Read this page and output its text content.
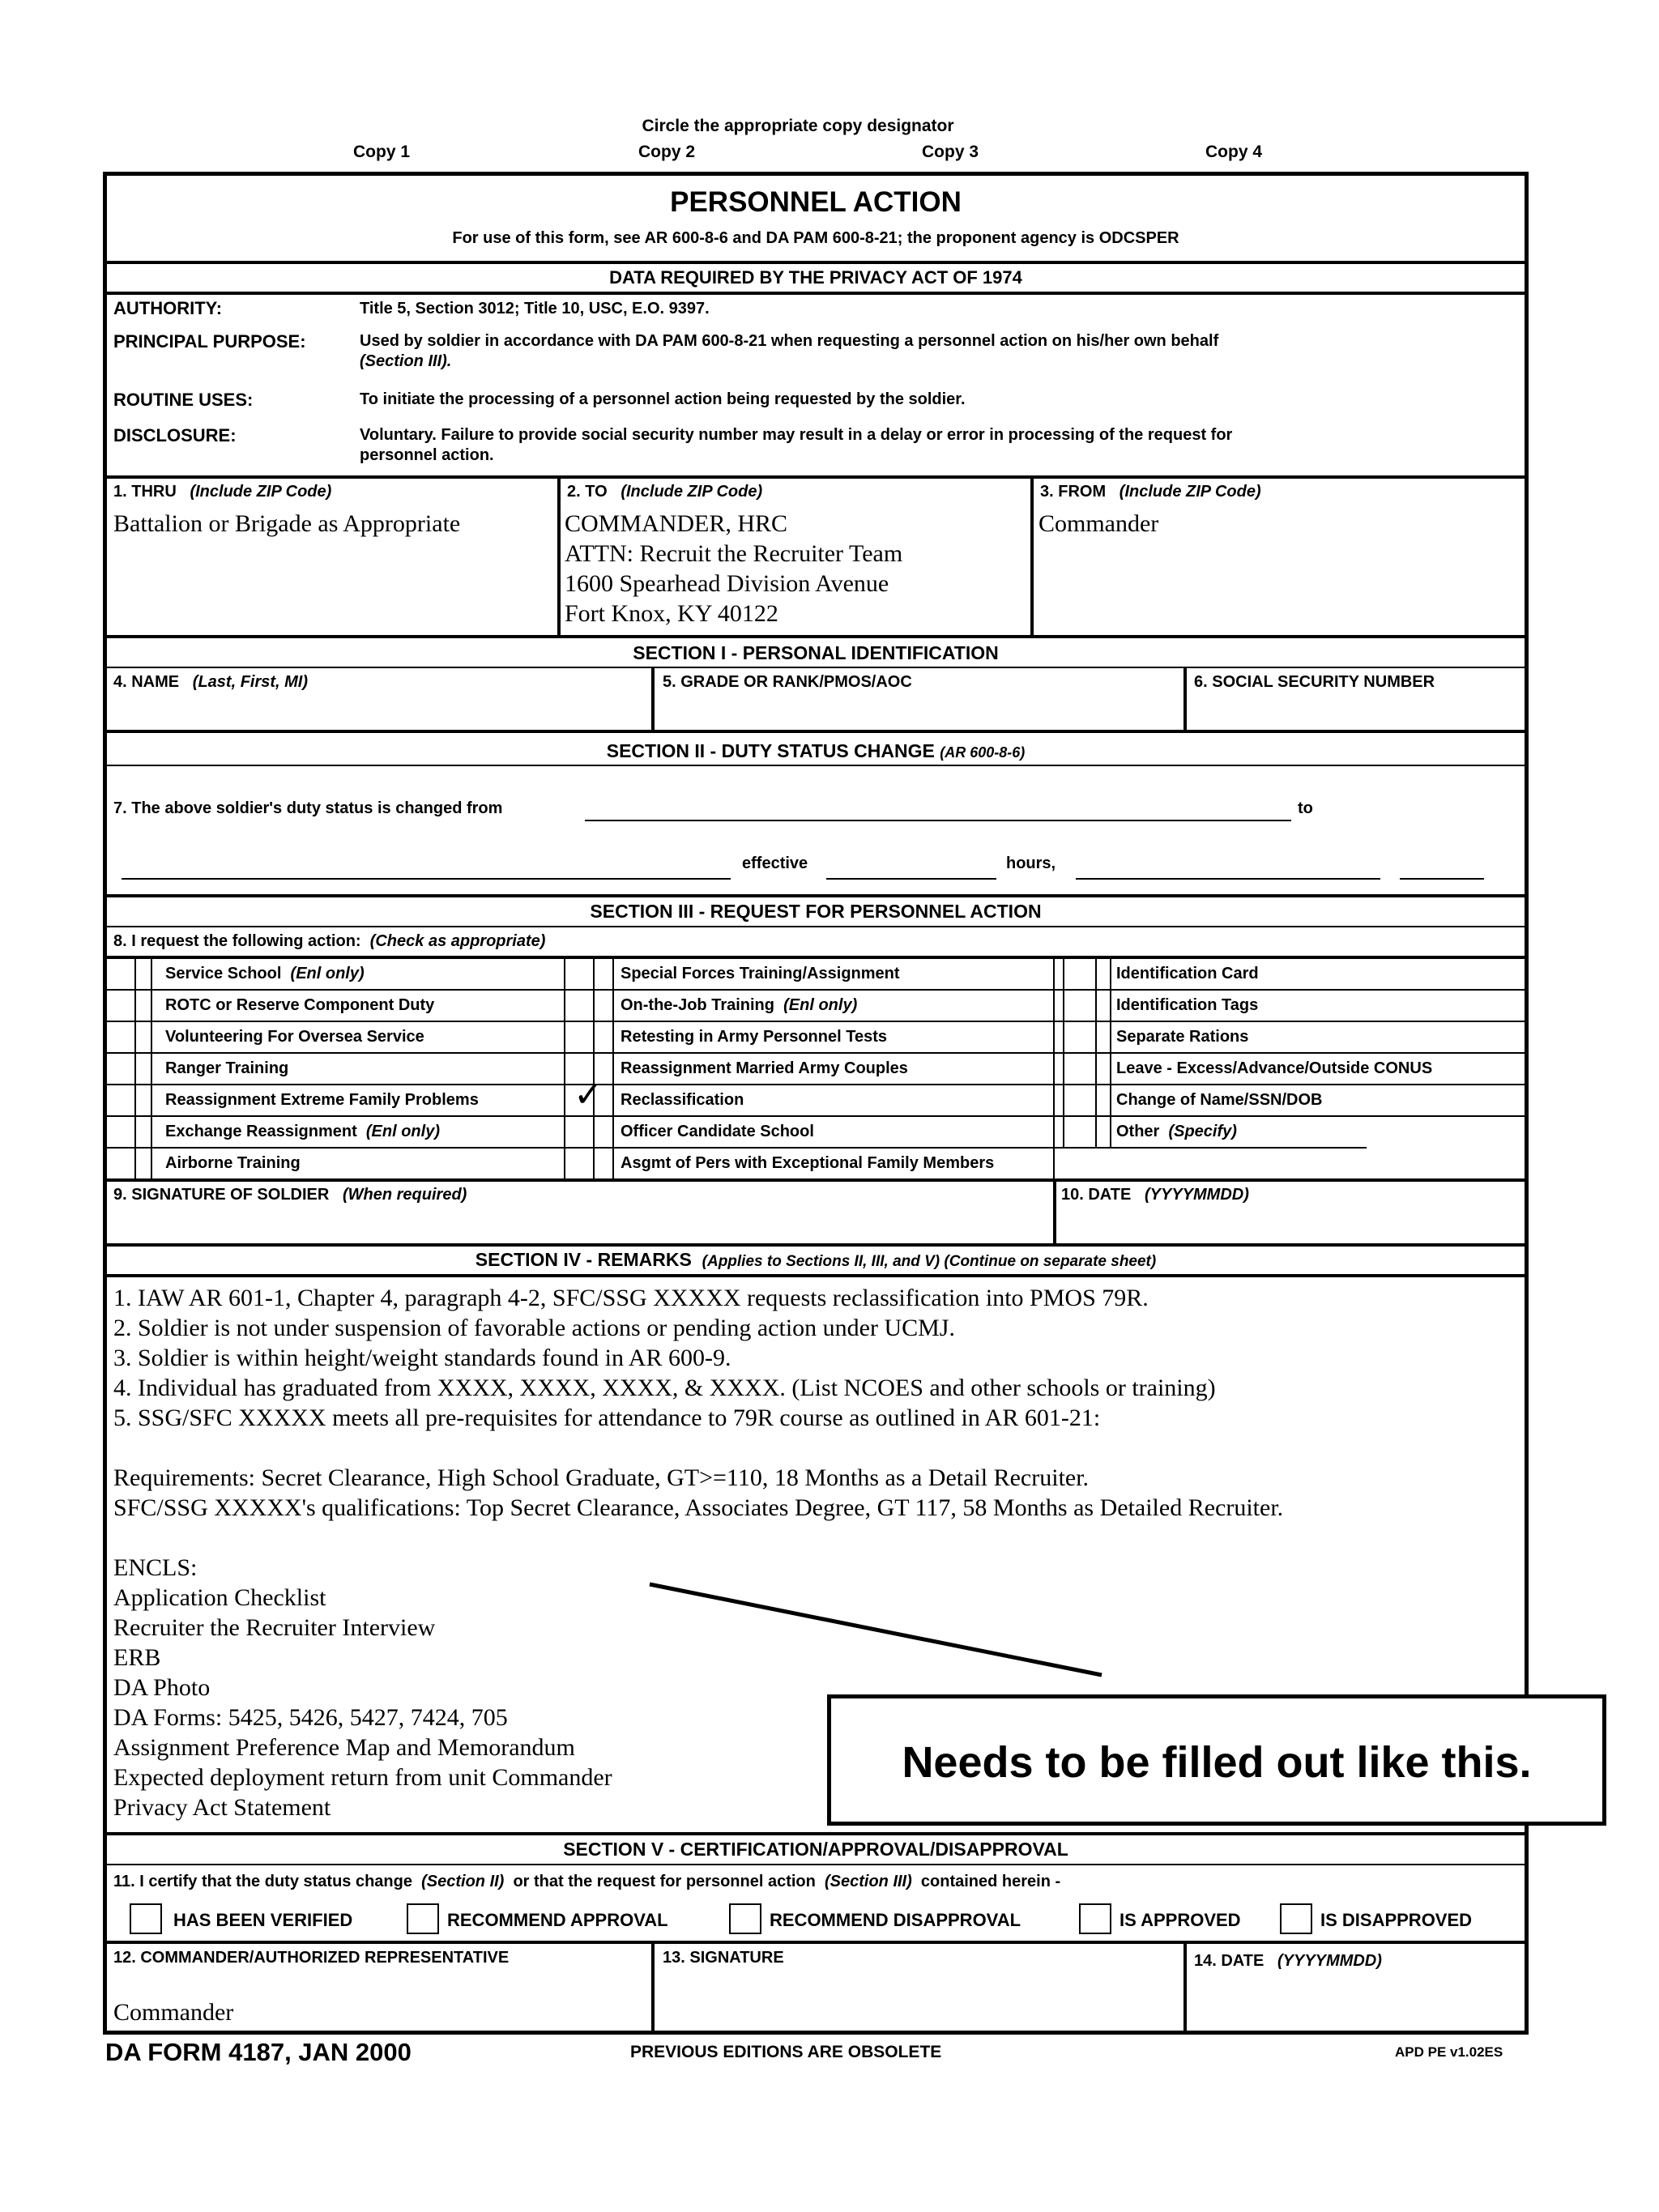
Circle the appropriate copy designator
Copy 1	Copy 2	Copy 3	Copy 4
PERSONNEL ACTION
For use of this form, see AR 600-8-6 and DA PAM 600-8-21; the proponent agency is ODCSPER
DATA REQUIRED BY THE PRIVACY ACT OF 1974
AUTHORITY:	Title 5, Section 3012; Title 10, USC, E.O. 9397.
PRINCIPAL PURPOSE:	Used by soldier in accordance with DA PAM 600-8-21 when requesting a personnel action on his/her own behalf
(Section III).
ROUTINE USES:	To initiate the processing of a personnel action being requested by the soldier.
DISCLOSURE:	Voluntary. Failure to provide social security number may result in a delay or error in processing of the request for
personnel action.
1. THRU (Include ZIP Code)
Battalion or Brigade as Appropriate
2. TO (Include ZIP Code)
COMMANDER, HRC
ATTN: Recruit the Recruiter Team
1600 Spearhead Division Avenue
Fort Knox, KY 40122
3. FROM (Include ZIP Code)
Commander
SECTION I - PERSONAL IDENTIFICATION
4. NAME (Last, First, MI)	5. GRADE OR RANK/PMOS/AOC	6. SOCIAL SECURITY NUMBER
SECTION II - DUTY STATUS CHANGE (AR 600-8-6)
7. The above soldier's duty status is changed from	to
effective	hours,
SECTION III - REQUEST FOR PERSONNEL ACTION
8. I request the following action: (Check as appropriate)
Service School (Enl only)
ROTC or Reserve Component Duty
Volunteering For Oversea Service
Ranger Training
Reassignment Extreme Family Problems
Exchange Reassignment (Enl only)
Airborne Training
Special Forces Training/Assignment
On-the-Job Training (Enl only)
Retesting in Army Personnel Tests
Reassignment Married Army Couples
✓ Reclassification
Officer Candidate School
Asgmt of Pers with Exceptional Family Members
Identification Card
Identification Tags
Separate Rations
Leave - Excess/Advance/Outside CONUS
Change of Name/SSN/DOB
Other (Specify)
9. SIGNATURE OF SOLDIER (When required)	10. DATE (YYYYMMDD)
SECTION IV - REMARKS (Applies to Sections II, III, and V) (Continue on separate sheet)
1. IAW AR 601-1, Chapter 4, paragraph 4-2, SFC/SSG XXXXX requests reclassification into PMOS 79R.
2. Soldier is not under suspension of favorable actions or pending action under UCMJ.
3. Soldier is within height/weight standards found in AR 600-9.
4. Individual has graduated from XXXX, XXXX, XXXX, & XXXX. (List NCOES and other schools or training)
5. SSG/SFC XXXXX meets all pre-requisites for attendance to 79R course as outlined in AR 601-21:
Requirements: Secret Clearance, High School Graduate, GT>=110, 18 Months as a Detail Recruiter.
SFC/SSG XXXXX's qualifications: Top Secret Clearance, Associates Degree, GT 117, 58 Months as Detailed Recruiter.
ENCLS:
Application Checklist
Recruiter the Recruiter Interview
ERB
DA Photo
DA Forms: 5425, 5426, 5427, 7424, 705
Assignment Preference Map and Memorandum
Expected deployment return from unit Commander
Privacy Act Statement
Needs to be filled out like this.
SECTION V - CERTIFICATION/APPROVAL/DISAPPROVAL
11. I certify that the duty status change (Section II) or that the request for personnel action (Section III) contained herein -
HAS BEEN VERIFIED	RECOMMEND APPROVAL	RECOMMEND DISAPPROVAL	IS APPROVED	IS DISAPPROVED
12. COMMANDER/AUTHORIZED REPRESENTATIVE
Commander
13. SIGNATURE	14. DATE (YYYYMMDD)
DA FORM 4187, JAN 2000	PREVIOUS EDITIONS ARE OBSOLETE	APD PE v1.02ES
